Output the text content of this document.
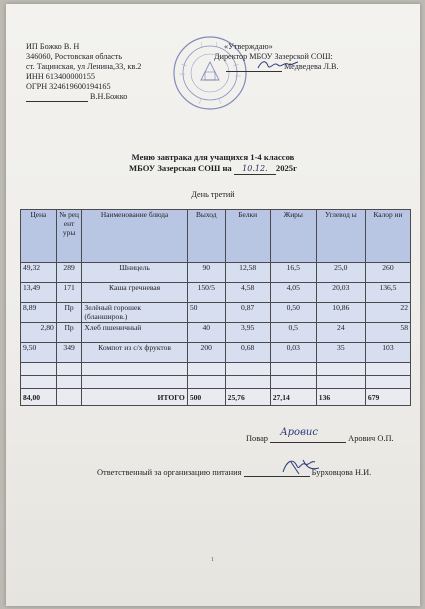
ИП Божко В. Н
346060, Ростовская область
ст. Тацинская, ул Ленина,33, кв.2
ИНН 613400000155
ОГРН 324619600194165
В.Н.Божко
«Утверждаю»
Директор МБОУ Зазерской СОШ:
Медведева Л.В.
Меню завтрака для учащихся 1-4 классов
МБОУ Зазерская СОШ на 10.12. 2025г
День третий
Цена	№ рец ент уры	Наименование блюда	Выход	Белки	Жиры	Углевод ы	Калор ии
49,32	289	Шницель	90	12,58	16,5	25,0	260
13,49	171	Каша гречневая	150/5	4,58	4,05	20,03	136,5
8,89	Пр	Зелёный горошек (бланширов.)	50	0,87	0,50	10,86	22
2,80	Пр	Хлеб пшеничный	40	3,95	0,5	24	58
9,50	349	Компот из с/х фруктов	200	0,68	0,03	35	103

84,00		ИТОГО	500	25,76	27,14	136	679
Повар
Аровис
Арович О.П.
Ответственный за организацию питания	Бурховцова Н.И.
1
